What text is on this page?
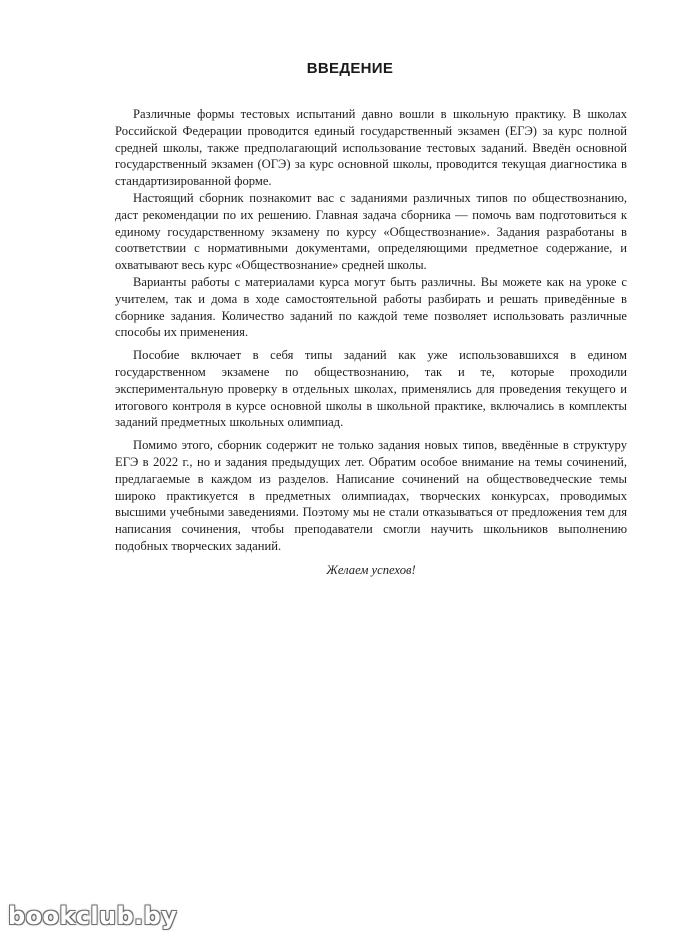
ВВЕДЕНИЕ

Различные формы тестовых испытаний давно вошли в школьную практику. В школах Российской Федерации проводится единый государственный экзамен (ЕГЭ) за курс полной средней школы, также предполагающий использование тестовых заданий. Введён основной государственный экзамен (ОГЭ) за курс основной школы, проводится текущая диагностика в стандартизированной форме.

Настоящий сборник познакомит вас с заданиями различных типов по обществознанию, даст рекомендации по их решению. Главная задача сборника — помочь вам подготовиться к единому государственному экзамену по курсу «Обществознание». Задания разработаны в соответствии с нормативными документами, определяющими предметное содержание, и охватывают весь курс «Обществознание» средней школы.

Варианты работы с материалами курса могут быть различны. Вы можете как на уроке с учителем, так и дома в ходе самостоятельной работы разбирать и решать приведённые в сборнике задания. Количество заданий по каждой теме позволяет использовать различные способы их применения.

Пособие включает в себя типы заданий как уже использовавшихся в едином государственном экзамене по обществознанию, так и те, которые проходили экспериментальную проверку в отдельных школах, применялись для проведения текущего и итогового контроля в курсе основной школы в школьной практике, включались в комплекты заданий предметных школьных олимпиад.

Помимо этого, сборник содержит не только задания новых типов, введённые в структуру ЕГЭ в 2022 г., но и задания предыдущих лет. Обратим особое внимание на темы сочинений, предлагаемые в каждом из разделов. Написание сочинений на обществоведческие темы широко практикуется в предметных олимпиадах, творческих конкурсах, проводимых высшими учебными заведениями. Поэтому мы не стали отказываться от предложения тем для написания сочинения, чтобы преподаватели смогли научить школьников выполнению подобных творческих заданий.

Желаем успехов!

bookclub.by
